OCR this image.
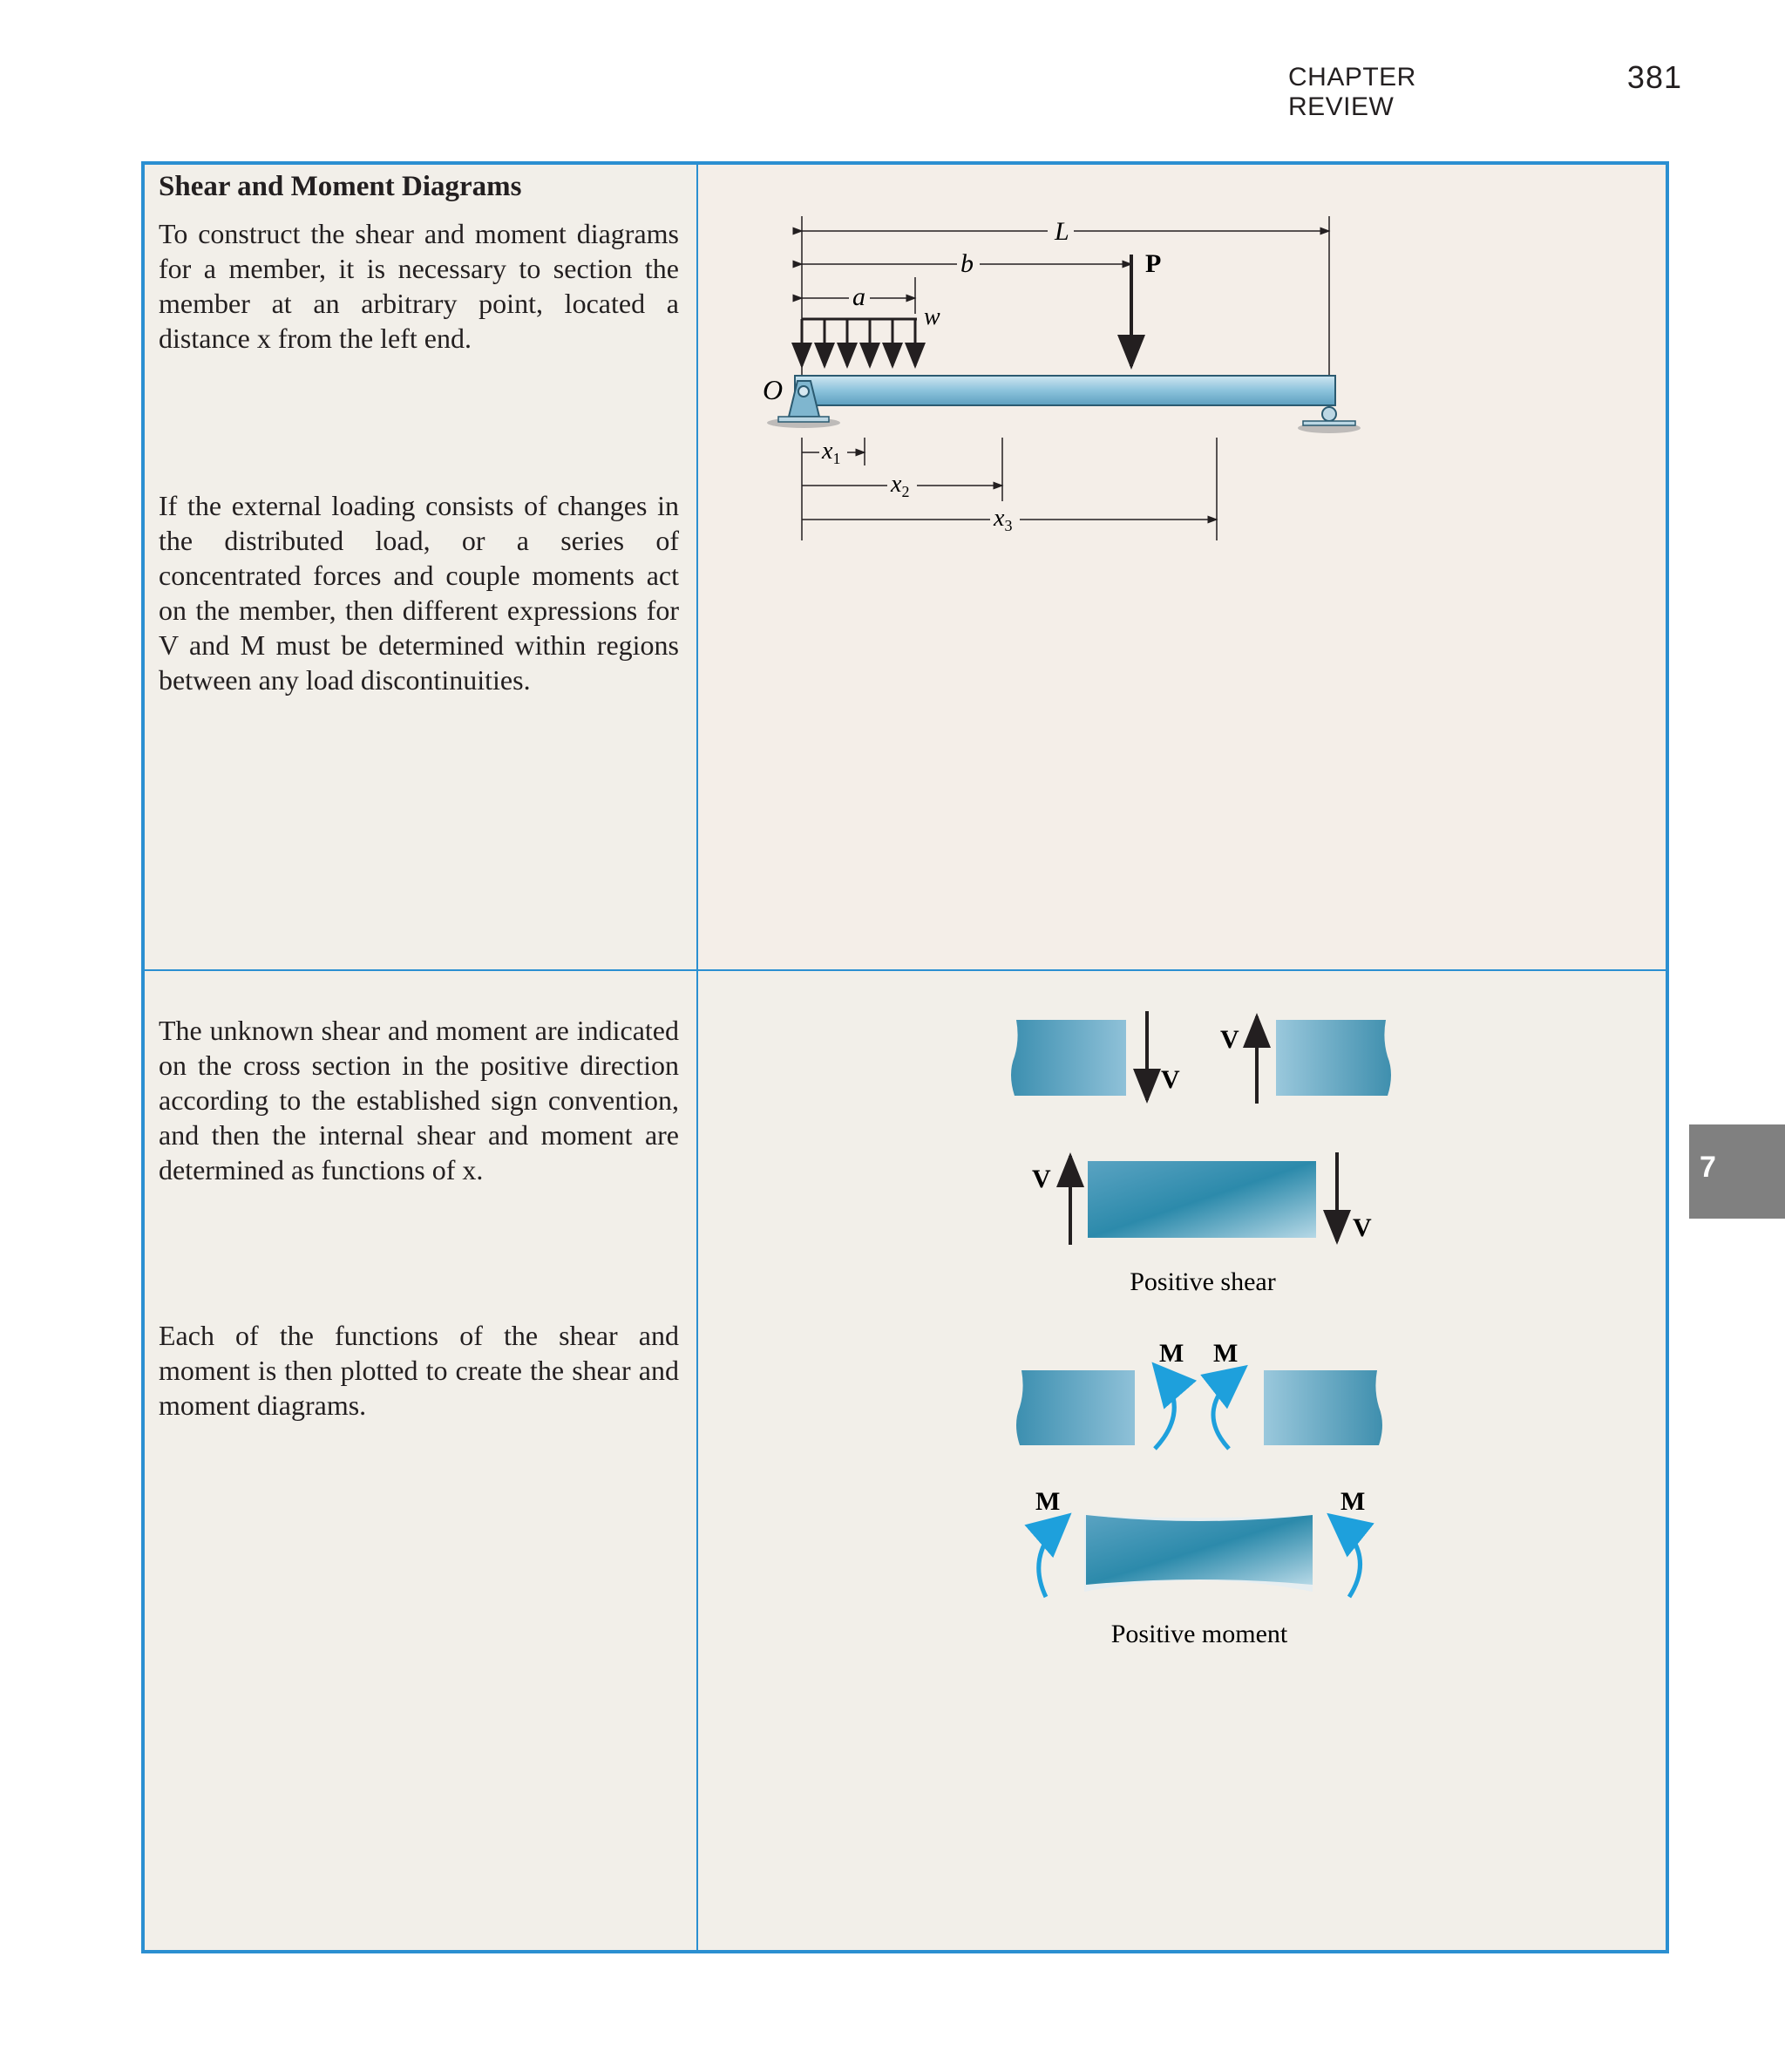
CHAPTER REVIEW
381

Shear and Moment Diagrams

To construct the shear and moment diagrams for a member, it is necessary to section the member at an arbitrary point, located a distance x from the left end.

If the external loading consists of changes in the distributed load, or a series of concentrated forces and couple moments act on the member, then different expressions for V and M must be determined within regions between any load discontinuities.

The unknown shear and moment are indicated on the cross section in the positive direction according to the established sign convention, and then the internal shear and moment are determined as functions of x.

Each of the functions of the shear and moment is then plotted to create the shear and moment diagrams.

7
L
b
a
w
P
O
$x_1$
$x_2$
$x_3$
V
V
V
V
Positive shear
M M
M	M
Positive moment
